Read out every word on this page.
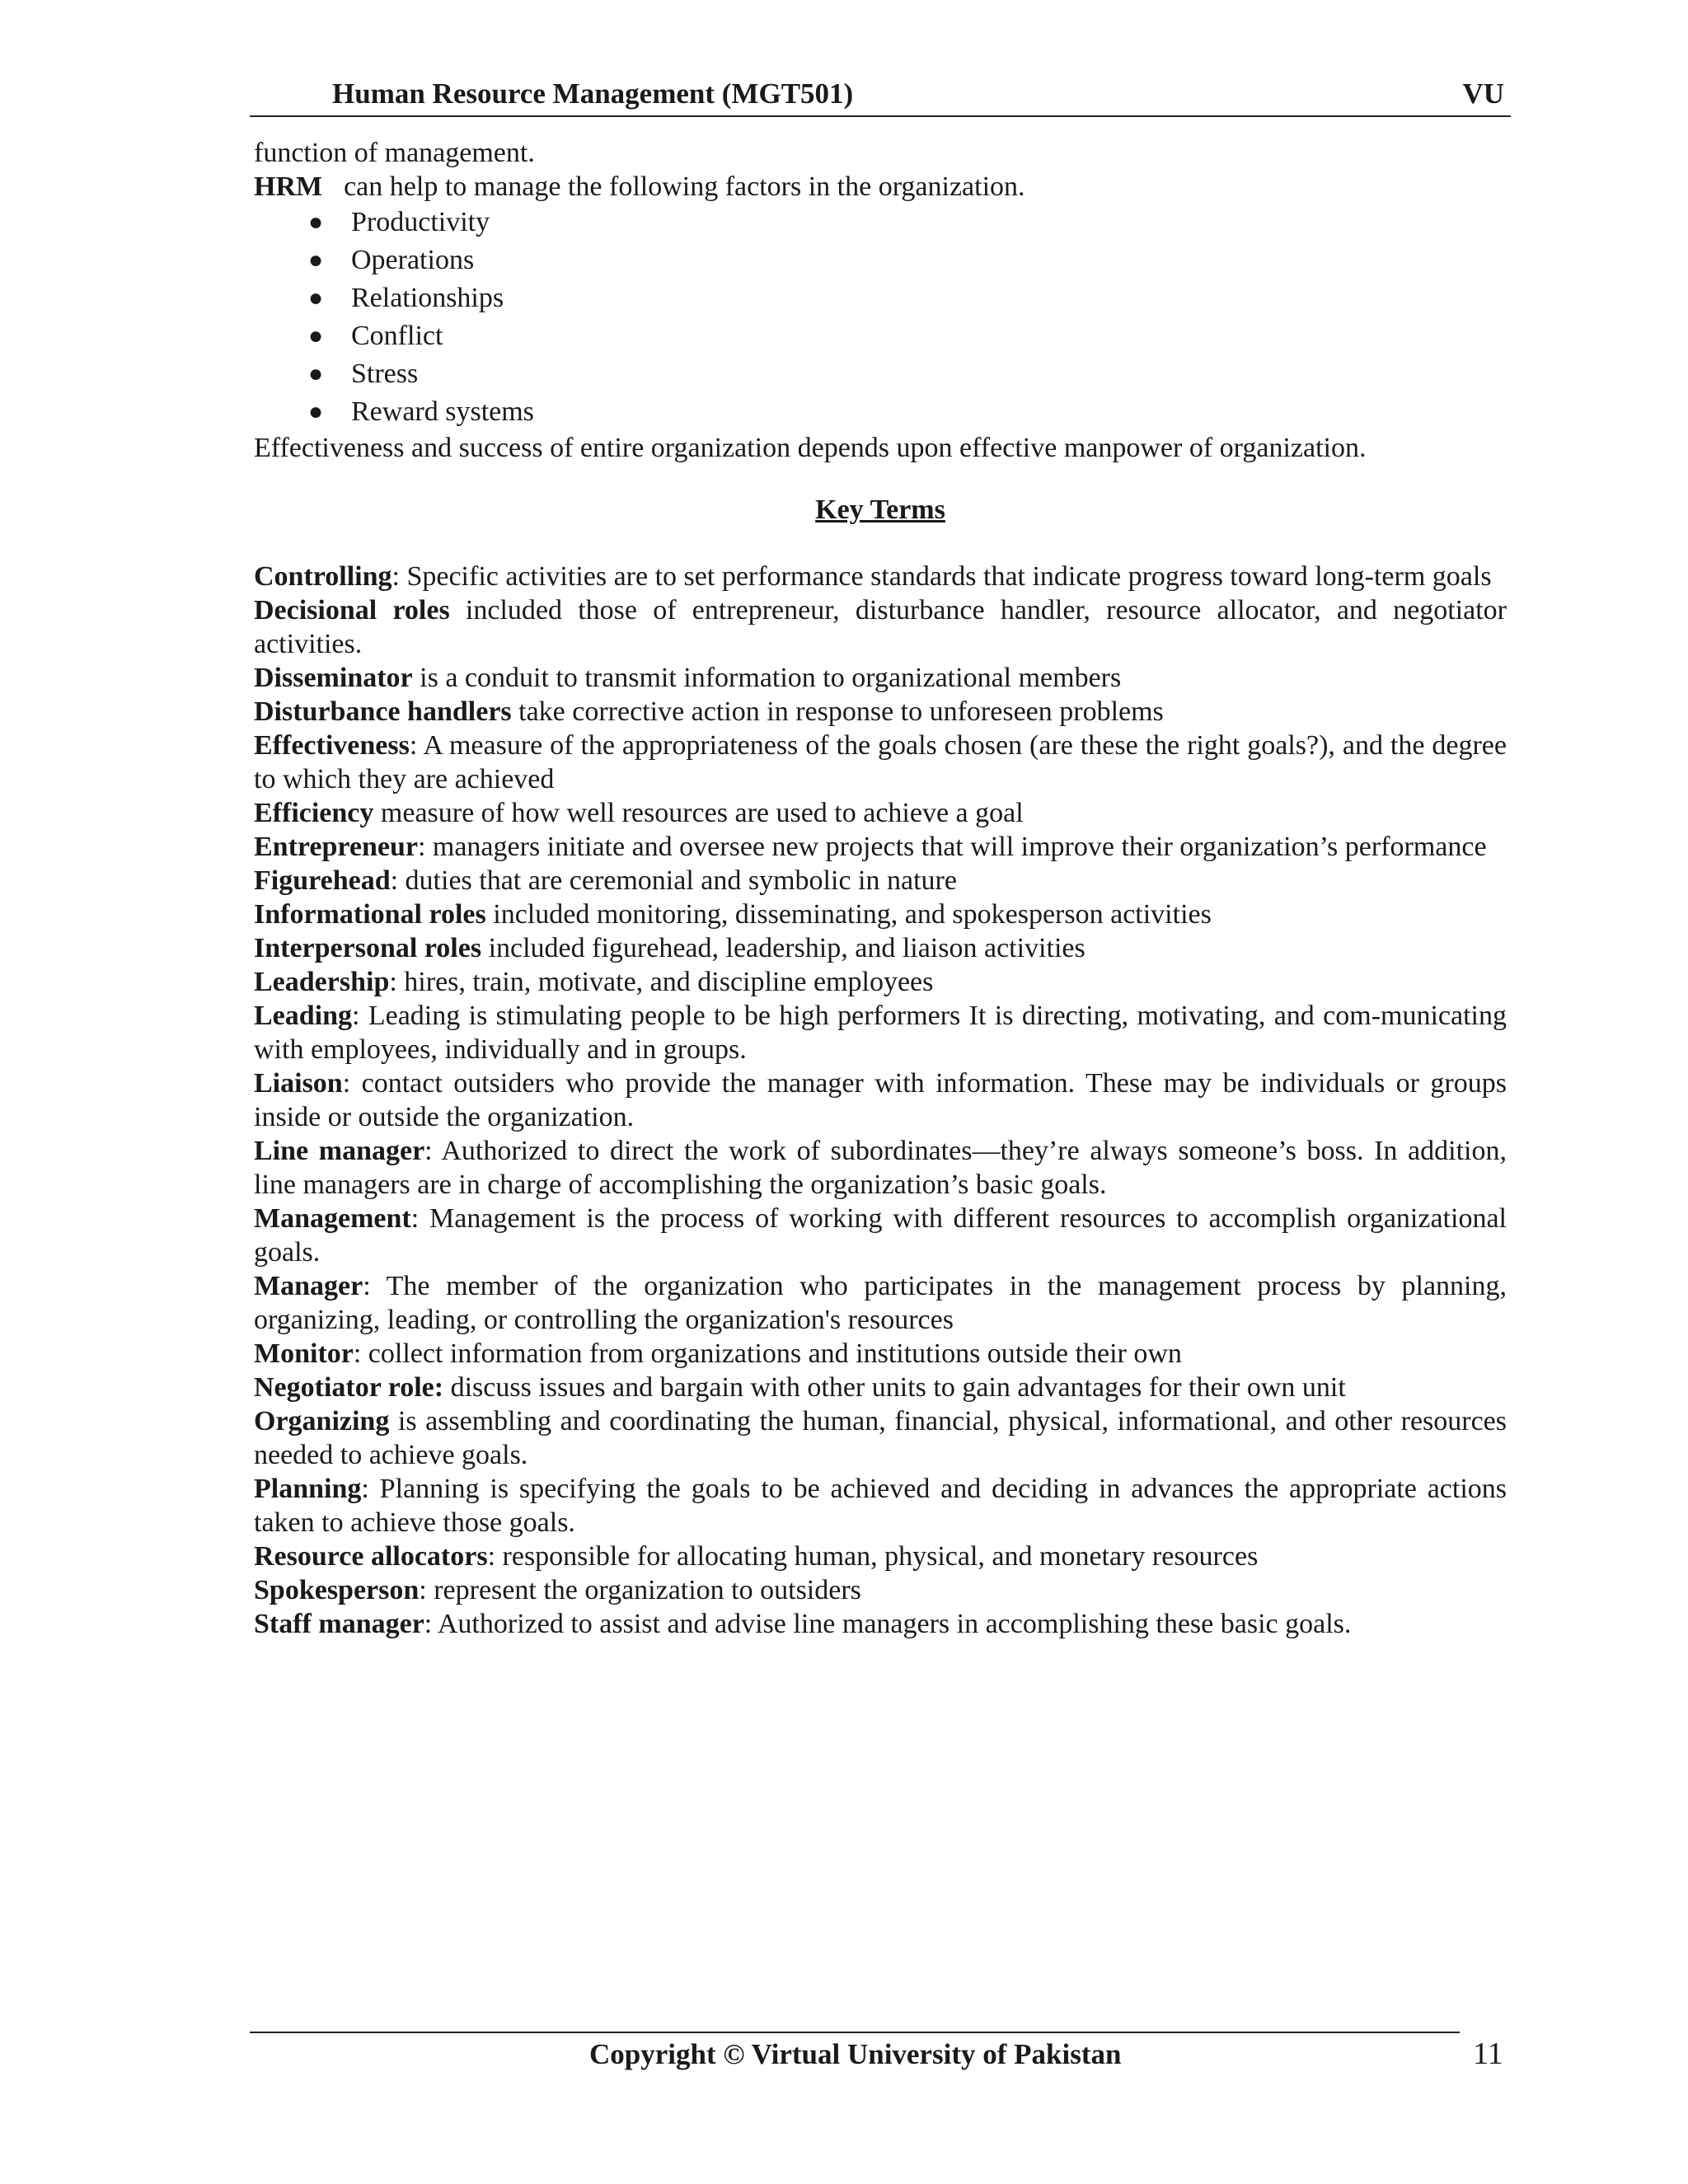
Human Resource Management (MGT501)	VU

function of management.

HRM can help to manage the following factors in the organization.

● Productivity
● Operations
● Relationships
● Conflict
● Stress
● Reward systems

Effectiveness and success of entire organization depends upon effective manpower of organization.

Key Terms

Controlling: Specific activities are to set performance standards that indicate progress toward long-term goals

Decisional roles included those of entrepreneur, disturbance handler, resource allocator, and negotiator activities.

Disseminator is a conduit to transmit information to organizational members

Disturbance handlers take corrective action in response to unforeseen problems

Effectiveness: A measure of the appropriateness of the goals chosen (are these the right goals?), and the degree to which they are achieved

Efficiency measure of how well resources are used to achieve a goal

Entrepreneur: managers initiate and oversee new projects that will improve their organization’s performance

Figurehead: duties that are ceremonial and symbolic in nature

Informational roles included monitoring, disseminating, and spokesperson activities

Interpersonal roles included figurehead, leadership, and liaison activities

Leadership: hires, train, motivate, and discipline employees

Leading: Leading is stimulating people to be high performers It is directing, motivating, and com-municating with employees, individually and in groups.

Liaison: contact outsiders who provide the manager with information. These may be individuals or groups inside or outside the organization.

Line manager: Authorized to direct the work of subordinates—they’re always someone’s boss. In addition, line managers are in charge of accomplishing the organization’s basic goals.

Management: Management is the process of working with different resources to accomplish organizational goals.

Manager: The member of the organization who participates in the management process by planning, organizing, leading, or controlling the organization's resources

Monitor: collect information from organizations and institutions outside their own

Negotiator role: discuss issues and bargain with other units to gain advantages for their own unit

Organizing is assembling and coordinating the human, financial, physical, informational, and other resources needed to achieve goals.

Planning: Planning is specifying the goals to be achieved and deciding in advances the appropriate actions taken to achieve those goals.

Resource allocators: responsible for allocating human, physical, and monetary resources

Spokesperson: represent the organization to outsiders

Staff manager: Authorized to assist and advise line managers in accomplishing these basic goals.

Copyright © Virtual University of Pakistan	11
